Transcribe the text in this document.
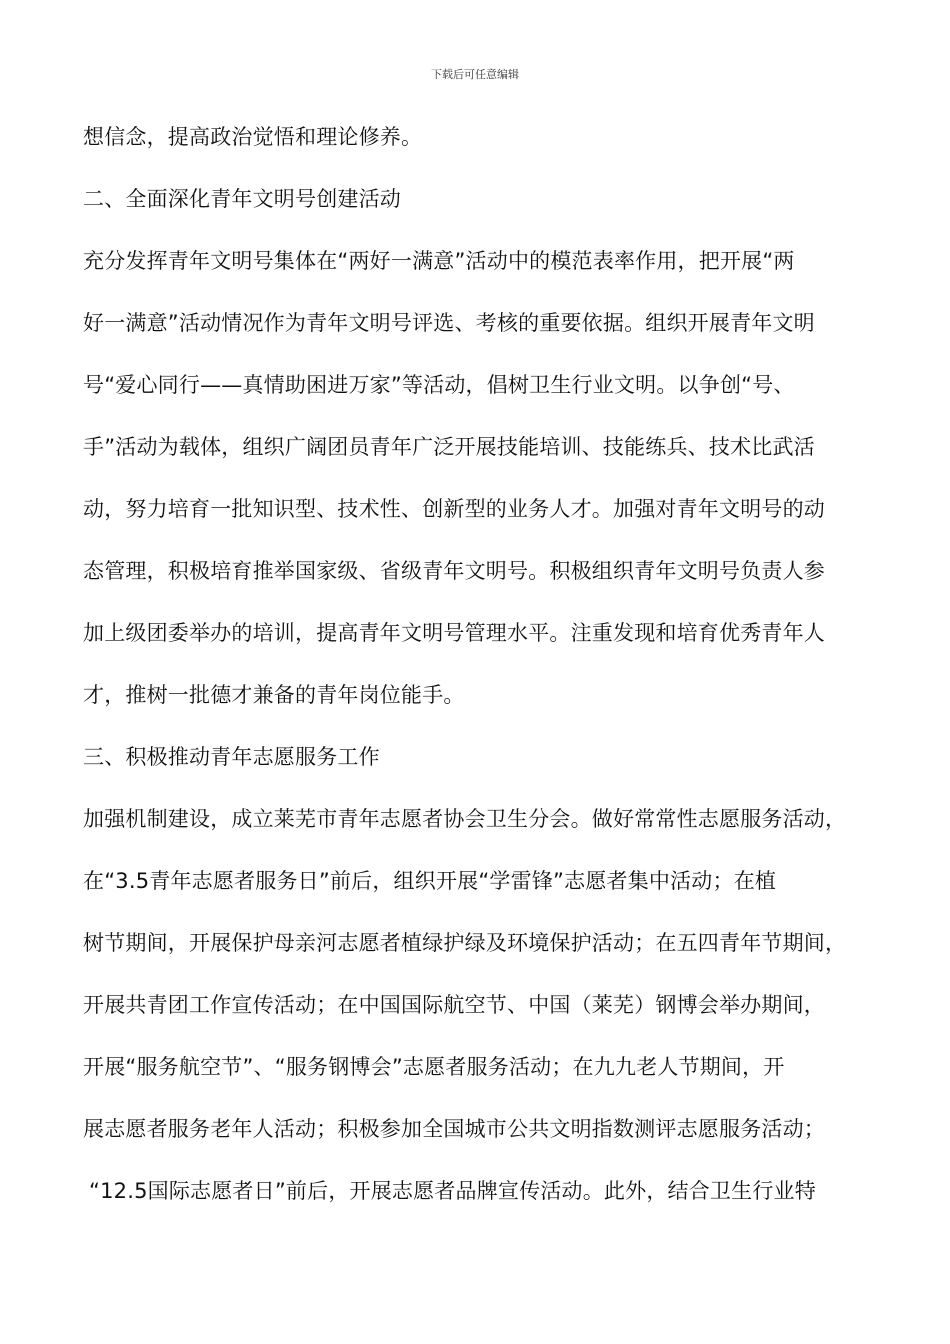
下载后可任意编辑
想信念，提高政治觉悟和理论修养。
二、全面深化青年文明号创建活动
充分发挥青年文明号集体在“两好一满意”活动中的模范表率作用，把开展“两
好一满意”活动情况作为青年文明号评选、考核的重要依据。组织开展青年文明
号“爱心同行——真情助困进万家”等活动，倡树卫生行业文明。以争创“号、
手”活动为载体，组织广阔团员青年广泛开展技能培训、技能练兵、技术比武活
动，努力培育一批知识型、技术性、创新型的业务人才。加强对青年文明号的动
态管理，积极培育推举国家级、省级青年文明号。积极组织青年文明号负责人参
加上级团委举办的培训，提高青年文明号管理水平。注重发现和培育优秀青年人
才，推树一批德才兼备的青年岗位能手。
三、积极推动青年志愿服务工作
加强机制建设，成立莱芜市青年志愿者协会卫生分会。做好常常性志愿服务活动，
在“3.5青年志愿者服务日”前后，组织开展“学雷锋”志愿者集中活动；在植
树节期间，开展保护母亲河志愿者植绿护绿及环境保护活动；在五四青年节期间，
开展共青团工作宣传活动；在中国国际航空节、中国（莱芜）钢博会举办期间，
开展“服务航空节”、“服务钢博会”志愿者服务活动；在九九老人节期间，开
展志愿者服务老年人活动；积极参加全国城市公共文明指数测评志愿服务活动；
“12.5国际志愿者日”前后，开展志愿者品牌宣传活动。此外，结合卫生行业特
